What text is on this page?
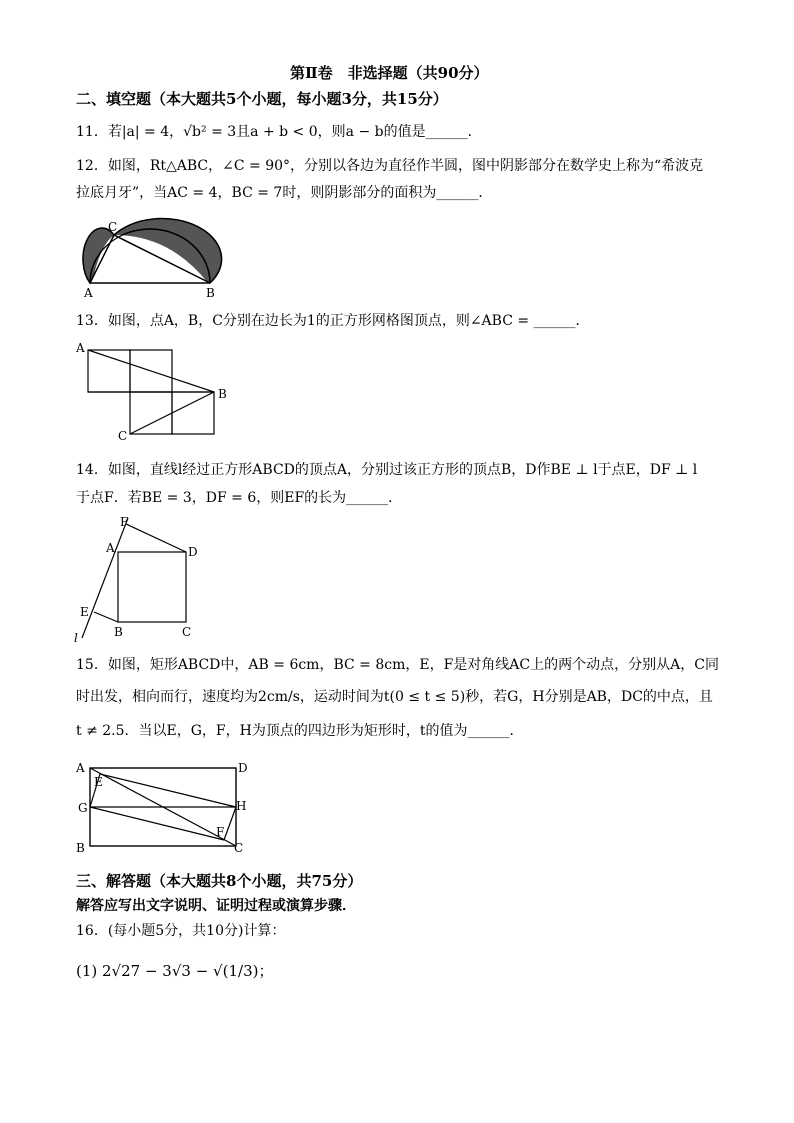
第Ⅱ卷　非选择题（共90分）
二、填空题（本大题共5个小题，每小题3分，共15分）
11．若|a| = 4，√b² = 3且a + b < 0，则a − b的值是______．
12．如图，Rt△ABC，∠C = 90°，分别以各边为直径作半圆，图中阴影部分在数学史上称为“希波克
拉底月牙”，当AC = 4，BC = 7时，则阴影部分的面积为______．
A	B
C
13．如图，点A，B，C分别在边长为1的正方形网格图顶点，则∠ABC = ______．
A
B
C
14．如图，直线l经过正方形ABCD的顶点A，分别过该正方形的顶点B，D作BE ⊥ l于点E，DF ⊥ l
于点F．若BE = 3，DF = 6，则EF的长为______．
F
A	D
E
B	C
l
15．如图，矩形ABCD中，AB = 6cm，BC = 8cm，E，F是对角线AC上的两个动点，分别从A，C同
时出发，相向而行，速度均为2cm/s，运动时间为t(0 ≤ t ≤ 5)秒，若G，H分别是AB，DC的中点，且
t ≠ 2.5．当以E，G，F，H为顶点的四边形为矩形时，t的值为______．
A	D
E
G	H
F
B	C
三、解答题（本大题共8个小题，共75分）
解答应写出文字说明、证明过程或演算步骤．
16．(每小题5分，共10分)计算：
(1) 2√27 − 3√3 − √(1/3)；
